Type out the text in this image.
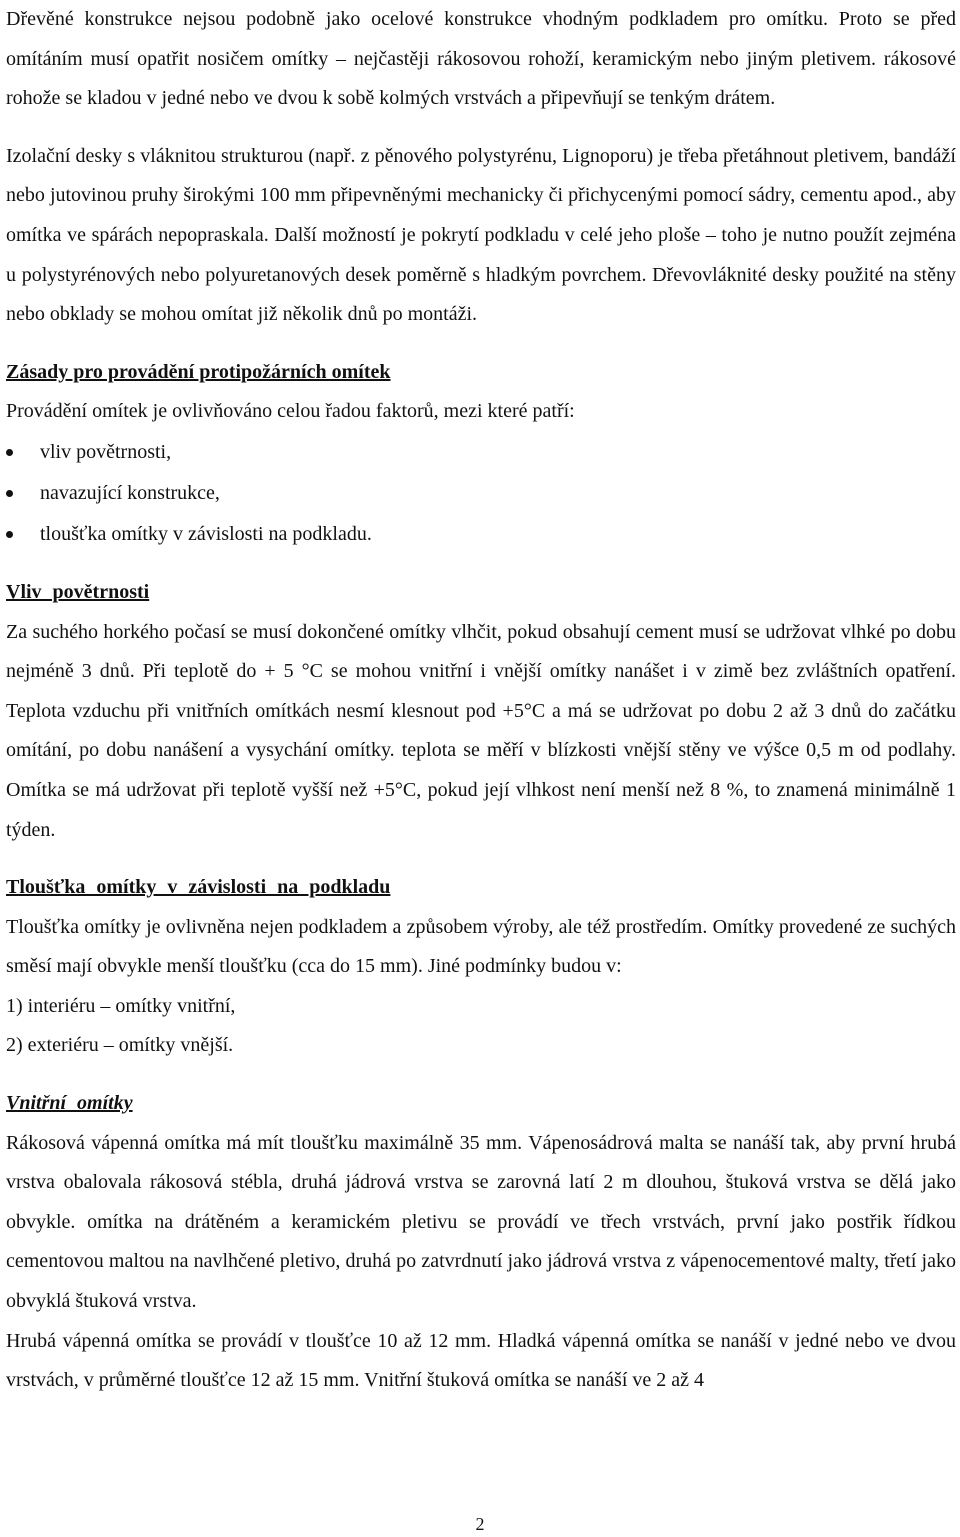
Dřevěné konstrukce nejsou podobně jako ocelové konstrukce vhodným podkladem pro omítku. Proto se před omítáním musí opatřit nosičem omítky – nejčastěji rákosovou rohoží, keramickým nebo jiným pletivem. rákosové rohože se kladou v jedné nebo ve dvou k sobě kolmých vrstvách a připevňují se tenkým drátem.

Izolační desky s vláknitou strukturou (např. z pěnového polystyrénu, Lignoporu) je třeba přetáhnout pletivem, bandáží nebo jutovinou pruhy širokými 100 mm připevněnými mechanicky či přichycenými pomocí sádry, cementu apod., aby omítka ve spárách nepopraskala. Další možností je pokrytí podkladu v celé jeho ploše – toho je nutno použít zejména u polystyrénových nebo polyuretanových desek poměrně s hladkým povrchem. Dřevovláknité desky použité na stěny nebo obklady se mohou omítat již několik dnů po montáži.

Zásady pro provádění protipožárních omítek

Provádění omítek je ovlivňováno celou řadou faktorů, mezi které patří:

vliv povětrnosti,
navazující konstrukce,
tloušťka omítky v závislosti na podkladu.
Vliv povětrnosti

Za suchého horkého počasí se musí dokončené omítky vlhčit, pokud obsahují cement musí se udržovat vlhké po dobu nejméně 3 dnů. Při teplotě do + 5 °C se mohou vnitřní i vnější omítky nanášet i v zimě bez zvláštních opatření. Teplota vzduchu při vnitřních omítkách nesmí klesnout pod +5°C a má se udržovat po dobu 2 až 3 dnů do začátku omítání, po dobu nanášení a vysychání omítky. teplota se měří v blízkosti vnější stěny ve výšce 0,5 m od podlahy. Omítka se má udržovat při teplotě vyšší než +5°C, pokud její vlhkost není menší než 8 %, to znamená minimálně 1 týden.

Tloušťka omítky v závislosti na podkladu

Tloušťka omítky je ovlivněna nejen podkladem a způsobem výroby, ale též prostředím. Omítky provedené ze suchých směsí mají obvykle menší tloušťku (cca do 15 mm). Jiné podmínky budou v:

1) interiéru – omítky vnitřní,

2) exteriéru – omítky vnější.

Vnitřní omítky

Rákosová vápenná omítka má mít tloušťku maximálně 35 mm. Vápenosádrová malta se nanáší tak, aby první hrubá vrstva obalovala rákosová stébla, druhá jádrová vrstva se zarovná latí 2 m dlouhou, štuková vrstva se dělá jako obvykle. omítka na drátěném a keramickém pletivu se provádí ve třech vrstvách, první jako postřik řídkou cementovou maltou na navlhčené pletivo, druhá po zatvrdnutí jako jádrová vrstva z vápenocementové malty, třetí jako obvyklá štuková vrstva.

Hrubá vápenná omítka se provádí v tloušťce 10 až 12 mm. Hladká vápenná omítka se nanáší v jedné nebo ve dvou vrstvách, v průměrné tloušťce 12 až 15 mm. Vnitřní štuková omítka se nanáší ve 2 až 4

2
